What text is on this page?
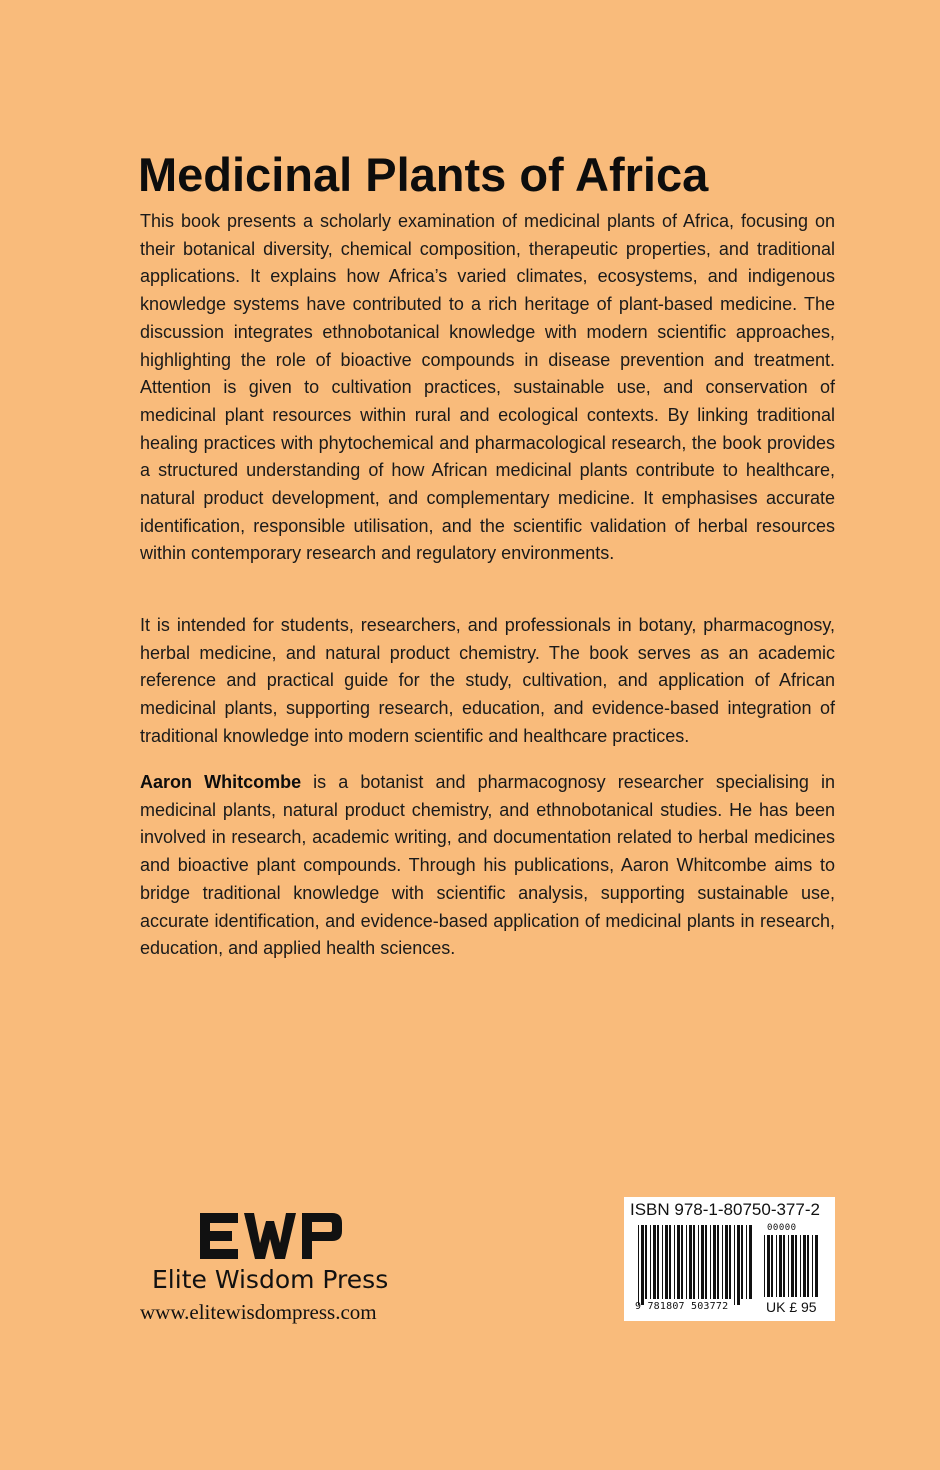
Medicinal Plants of Africa

This book presents a scholarly examination of medicinal plants of Africa, focusing on their botanical diversity, chemical composition, therapeutic properties, and traditional applications. It explains how Africa’s varied climates, ecosystems, and indigenous knowledge systems have contributed to a rich heritage of plant-based medicine. The discussion integrates ethnobotanical knowledge with modern scientific approaches, highlighting the role of bioactive compounds in disease prevention and treatment. Attention is given to cultivation practices, sustainable use, and conservation of medicinal plant resources within rural and ecological contexts. By linking traditional healing practices with phytochemical and pharmacological research, the book provides a structured understanding of how African medicinal plants contribute to healthcare, natural product development, and complementary medicine. It emphasises accurate identification, responsible utilisation, and the scientific validation of herbal resources within contemporary research and regulatory environments.

It is intended for students, researchers, and professionals in botany, pharmacognosy, herbal medicine, and natural product chemistry. The book serves as an academic reference and practical guide for the study, cultivation, and application of African medicinal plants, supporting research, education, and evidence-based integration of traditional knowledge into modern scientific and healthcare practices.

Aaron Whitcombe is a botanist and pharmacognosy researcher specialising in medicinal plants, natural product chemistry, and ethnobotanical studies. He has been involved in research, academic writing, and documentation related to herbal medicines and bioactive plant compounds. Through his publications, Aaron Whitcombe aims to bridge traditional knowledge with scientific analysis, supporting sustainable use, accurate identification, and evidence-based application of medicinal plants in research, education, and applied health sciences.

Elite Wisdom Press
www.elitewisdompress.com
ISBN 978-1-80750-377-2
00000
9 781807 503772	UK £ 95
